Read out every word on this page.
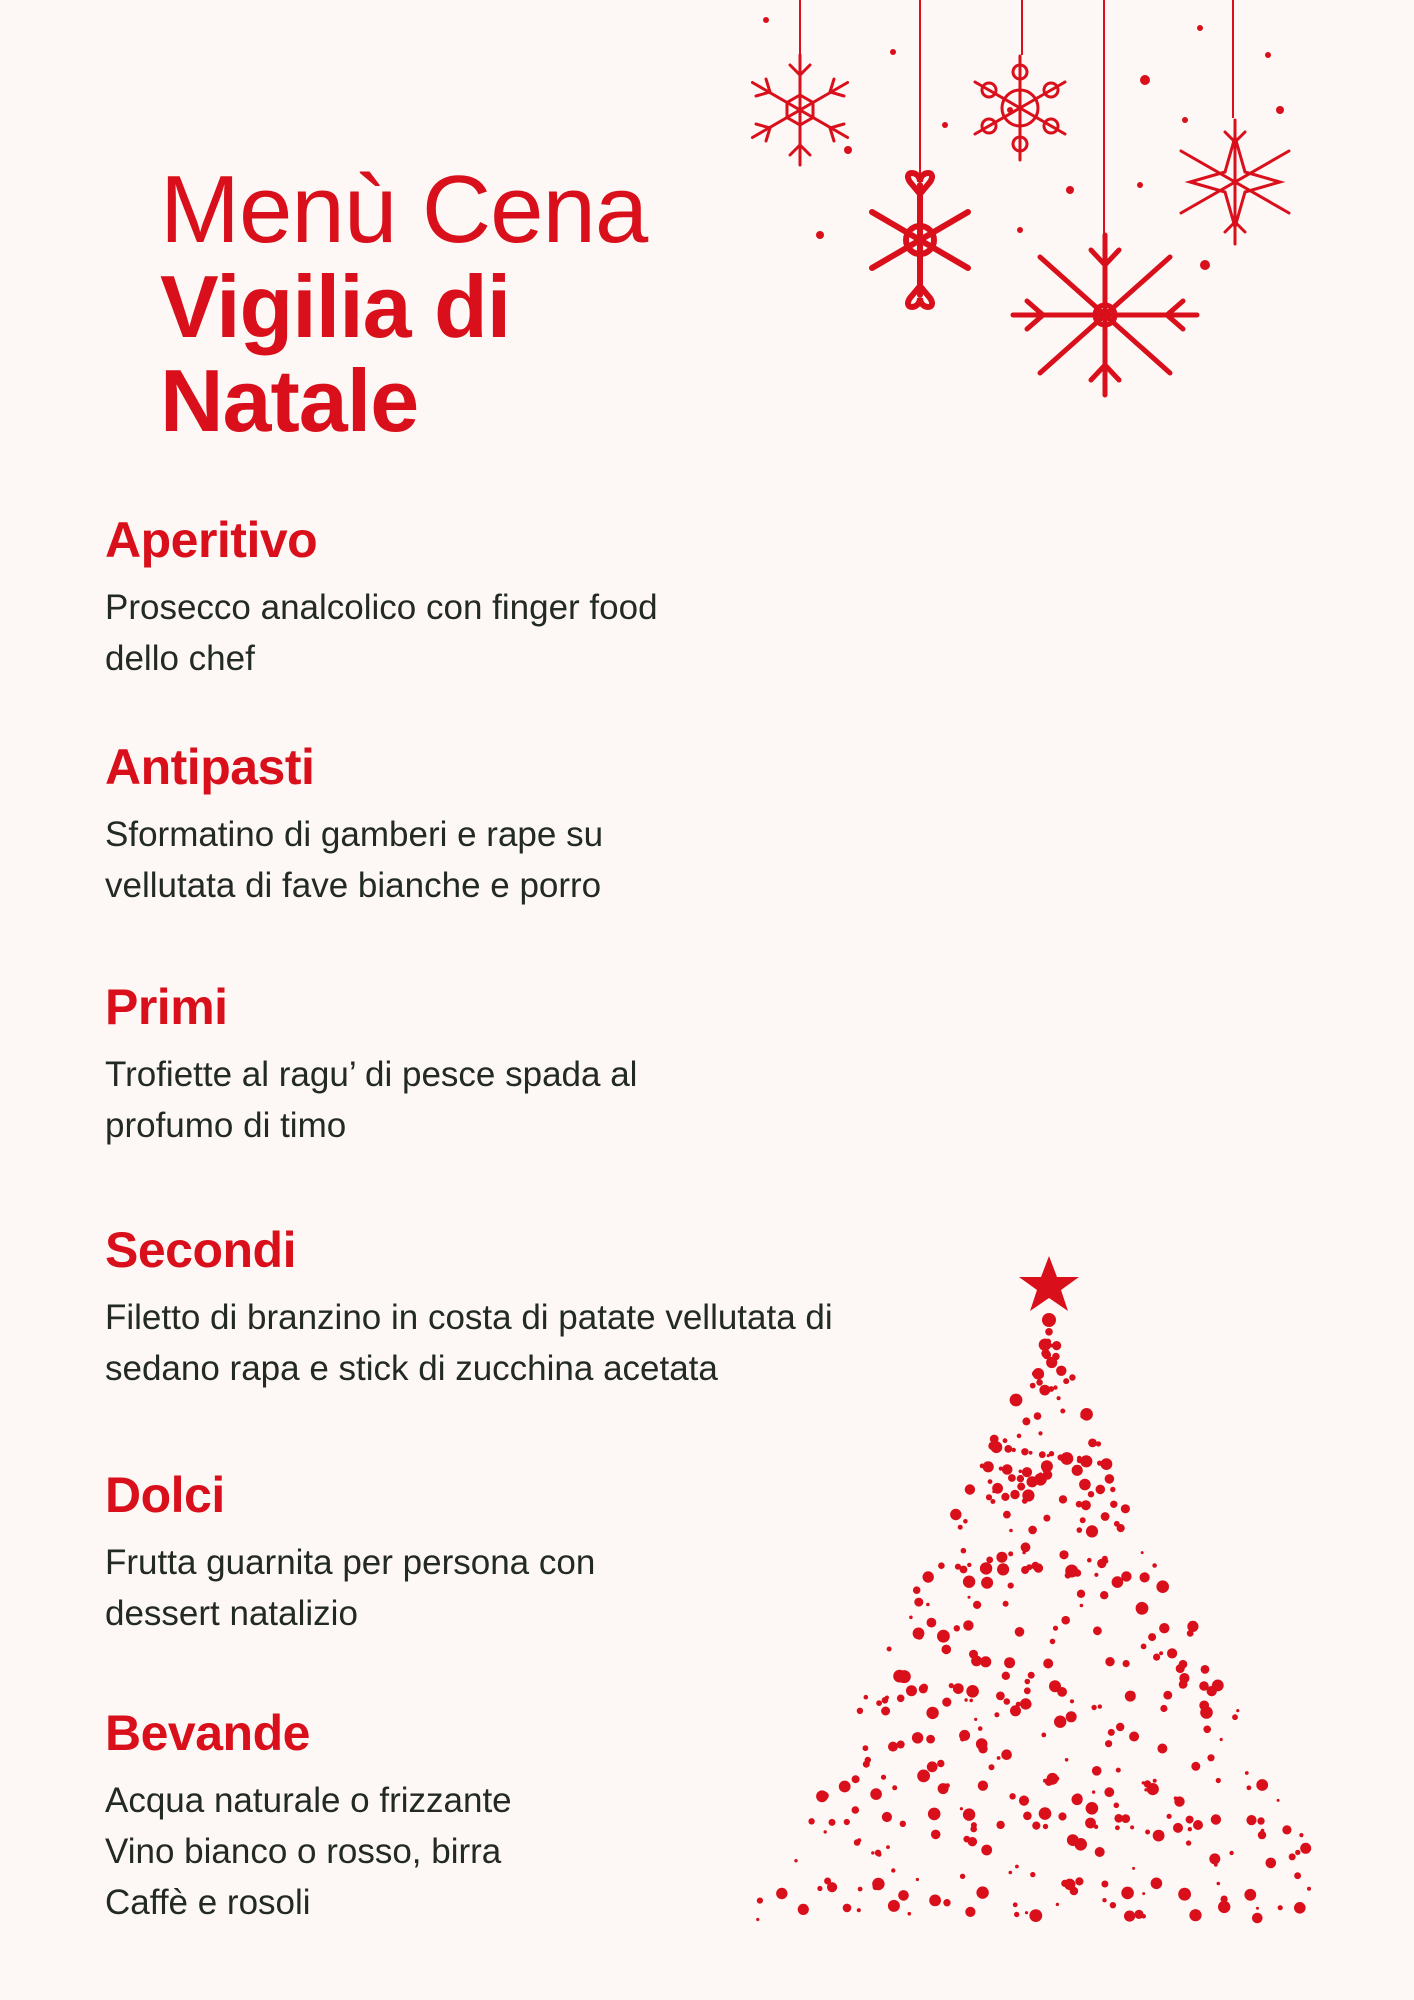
Menù Cena
Vigilia di
Natale
Aperitivo
Prosecco analcolico con finger food
dello chef
Antipasti
Sformatino di gamberi e rape su
vellutata di fave bianche e porro
Primi
Trofiette al ragu’ di pesce spada al
profumo di timo
Secondi
Filetto di branzino in costa di patate vellutata di
sedano rapa e stick di zucchina acetata
Dolci
Frutta guarnita per persona con
dessert natalizio
Bevande
Acqua naturale o frizzante
Vino bianco o rosso, birra
Caffè e rosoli
